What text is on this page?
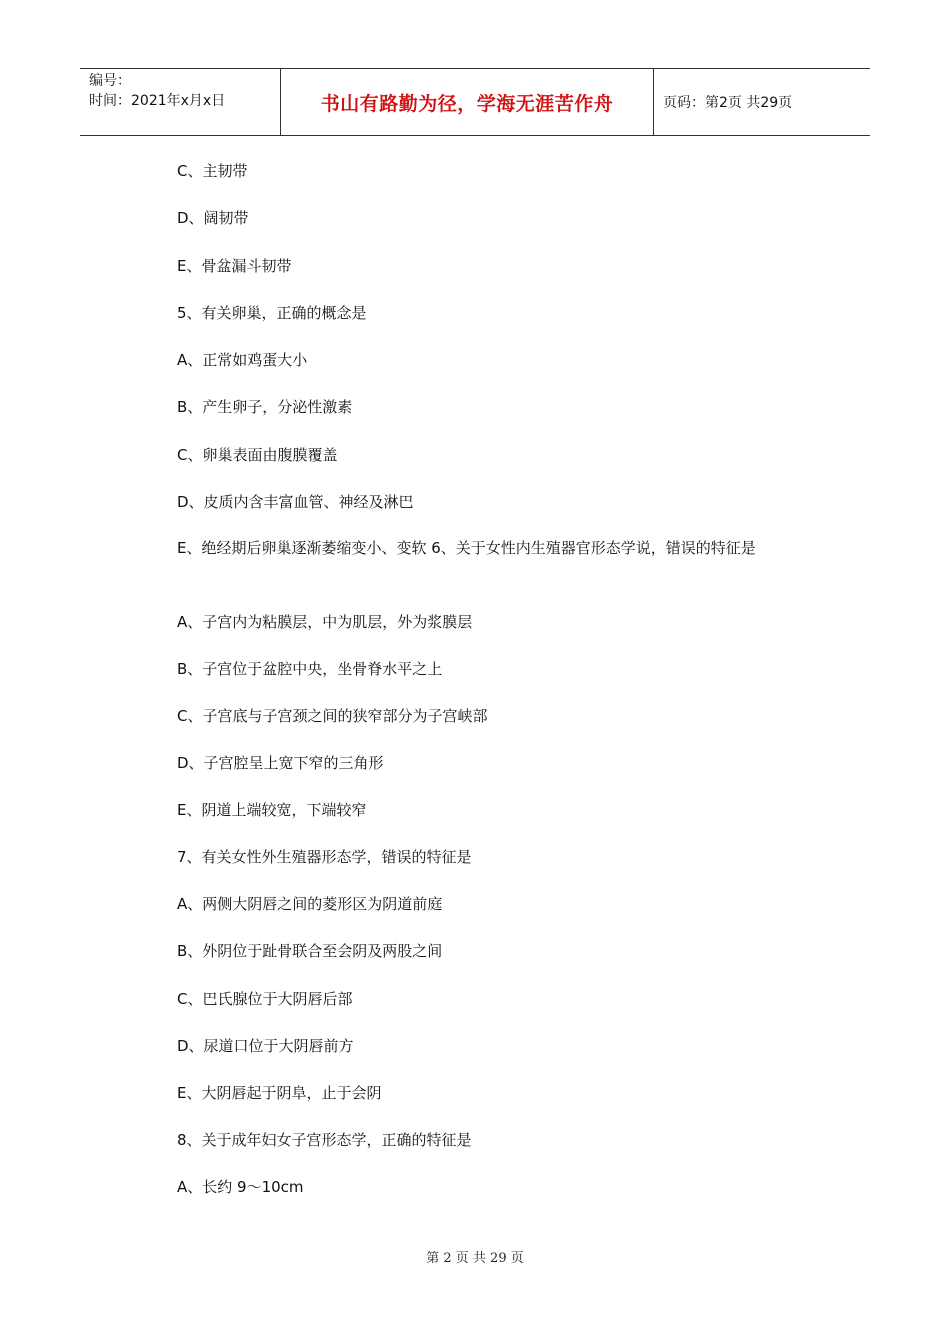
编号：
时间：2021年x月x日	书山有路勤为径，学海无涯苦作舟	页码：第2页 共29页
C、主韧带
D、阔韧带
E、骨盆漏斗韧带
5、有关卵巢，正确的概念是
A、正常如鸡蛋大小
B、产生卵子，分泌性激素
C、卵巢表面由腹膜覆盖
D、皮质内含丰富血管、神经及淋巴
E、绝经期后卵巢逐渐萎缩变小、变软 6、关于女性内生殖器官形态学说，错误的特征是
A、子宫内为粘膜层，中为肌层，外为浆膜层
B、子宫位于盆腔中央，坐骨脊水平之上
C、子宫底与子宫颈之间的狭窄部分为子宫峡部
D、子宫腔呈上宽下窄的三角形
E、阴道上端较宽，下端较窄
7、有关女性外生殖器形态学，错误的特征是
A、两侧大阴唇之间的菱形区为阴道前庭
B、外阴位于趾骨联合至会阴及两股之间
C、巴氏腺位于大阴唇后部
D、尿道口位于大阴唇前方
E、大阴唇起于阴阜，止于会阴
8、关于成年妇女子宫形态学，正确的特征是
A、长约 9～10cm
第 2 页 共 29 页
